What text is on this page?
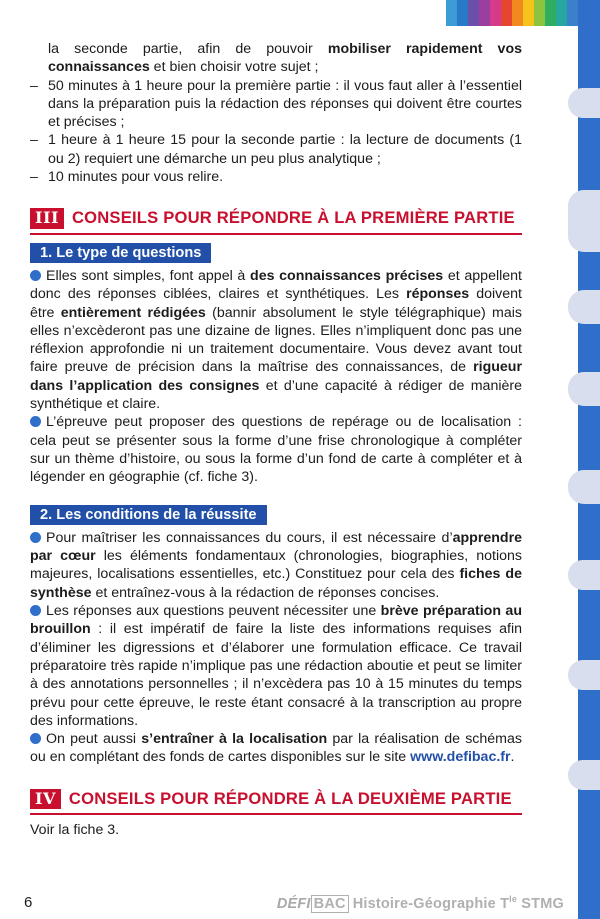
la seconde partie, afin de pouvoir mobiliser rapidement vos connaissances et bien choisir votre sujet ;
– 50 minutes à 1 heure pour la première partie : il vous faut aller à l’essentiel dans la préparation puis la rédaction des réponses qui doivent être courtes et précises ;
– 1 heure à 1 heure 15 pour la seconde partie : la lecture de documents (1 ou 2) requiert une démarche un peu plus analytique ;
– 10 minutes pour vous relire.
III CONSEILS POUR RÉPONDRE À LA PREMIÈRE PARTIE
1. Le type de questions

Elles sont simples, font appel à des connaissances précises et appellent donc des réponses ciblées, claires et synthétiques. Les réponses doivent être entièrement rédigées (bannir absolument le style télégraphique) mais elles n’excèderont pas une dizaine de lignes. Elles n’impliquent donc pas une réflexion approfondie ni un traitement documentaire. Vous devez avant tout faire preuve de précision dans la maîtrise des connaissances, de rigueur dans l’application des consignes et d’une capacité à rédiger de manière synthétique et claire.

L’épreuve peut proposer des questions de repérage ou de localisation : cela peut se présenter sous la forme d’une frise chronologique à compléter sur un thème d’histoire, ou sous la forme d’un fond de carte à compléter et à légender en géographie (cf. fiche 3).

2. Les conditions de la réussite

Pour maîtriser les connaissances du cours, il est nécessaire d’apprendre par cœur les éléments fondamentaux (chronologies, biographies, notions majeures, localisations essentielles, etc.) Constituez pour cela des fiches de synthèse et entraînez-vous à la rédaction de réponses concises.

Les réponses aux questions peuvent nécessiter une brève préparation au brouillon : il est impératif de faire la liste des informations requises afin d’éliminer les digressions et d’élaborer une formulation efficace. Ce travail préparatoire très rapide n’implique pas une rédaction aboutie et peut se limiter à des annotations personnelles ; il n’excèdera pas 10 à 15 minutes du temps prévu pour cette épreuve, le reste étant consacré à la transcription au propre des informations.

On peut aussi s’entraîner à la localisation par la réalisation de schémas ou en complétant des fonds de cartes disponibles sur le site www.defibac.fr.

IV CONSEILS POUR RÉPONDRE À LA DEUXIÈME PARTIE

Voir la fiche 3.

6	DÉFI BAC Histoire-Géographie $T^{le}$ STMG
